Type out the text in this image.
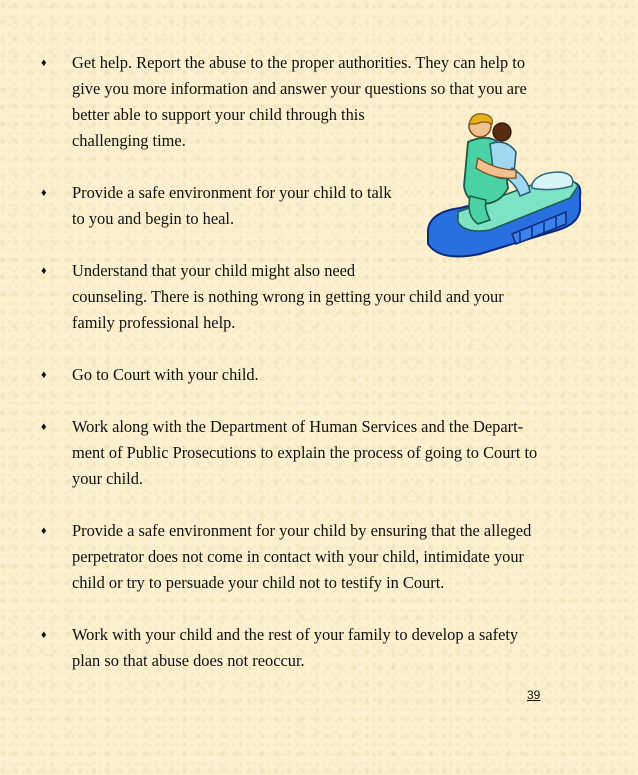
♦ Get help. Report the abuse to the proper authorities. They can help to
give you more information and answer your questions so that you are
better able to support your child through this
challenging time.
♦ Provide a safe environment for your child to talk
to you and begin to heal.
♦ Understand that your child might also need
counseling. There is nothing wrong in getting your child and your
family professional help.
♦ Go to Court with your child.
♦ Work along with the Department of Human Services and the Depart-
ment of Public Prosecutions to explain the process of going to Court to
your child.
♦ Provide a safe environment for your child by ensuring that the alleged
perpetrator does not come in contact with your child, intimidate your
child or try to persuade your child not to testify in Court.
♦ Work with your child and the rest of your family to develop a safety
plan so that abuse does not reoccur.
39
